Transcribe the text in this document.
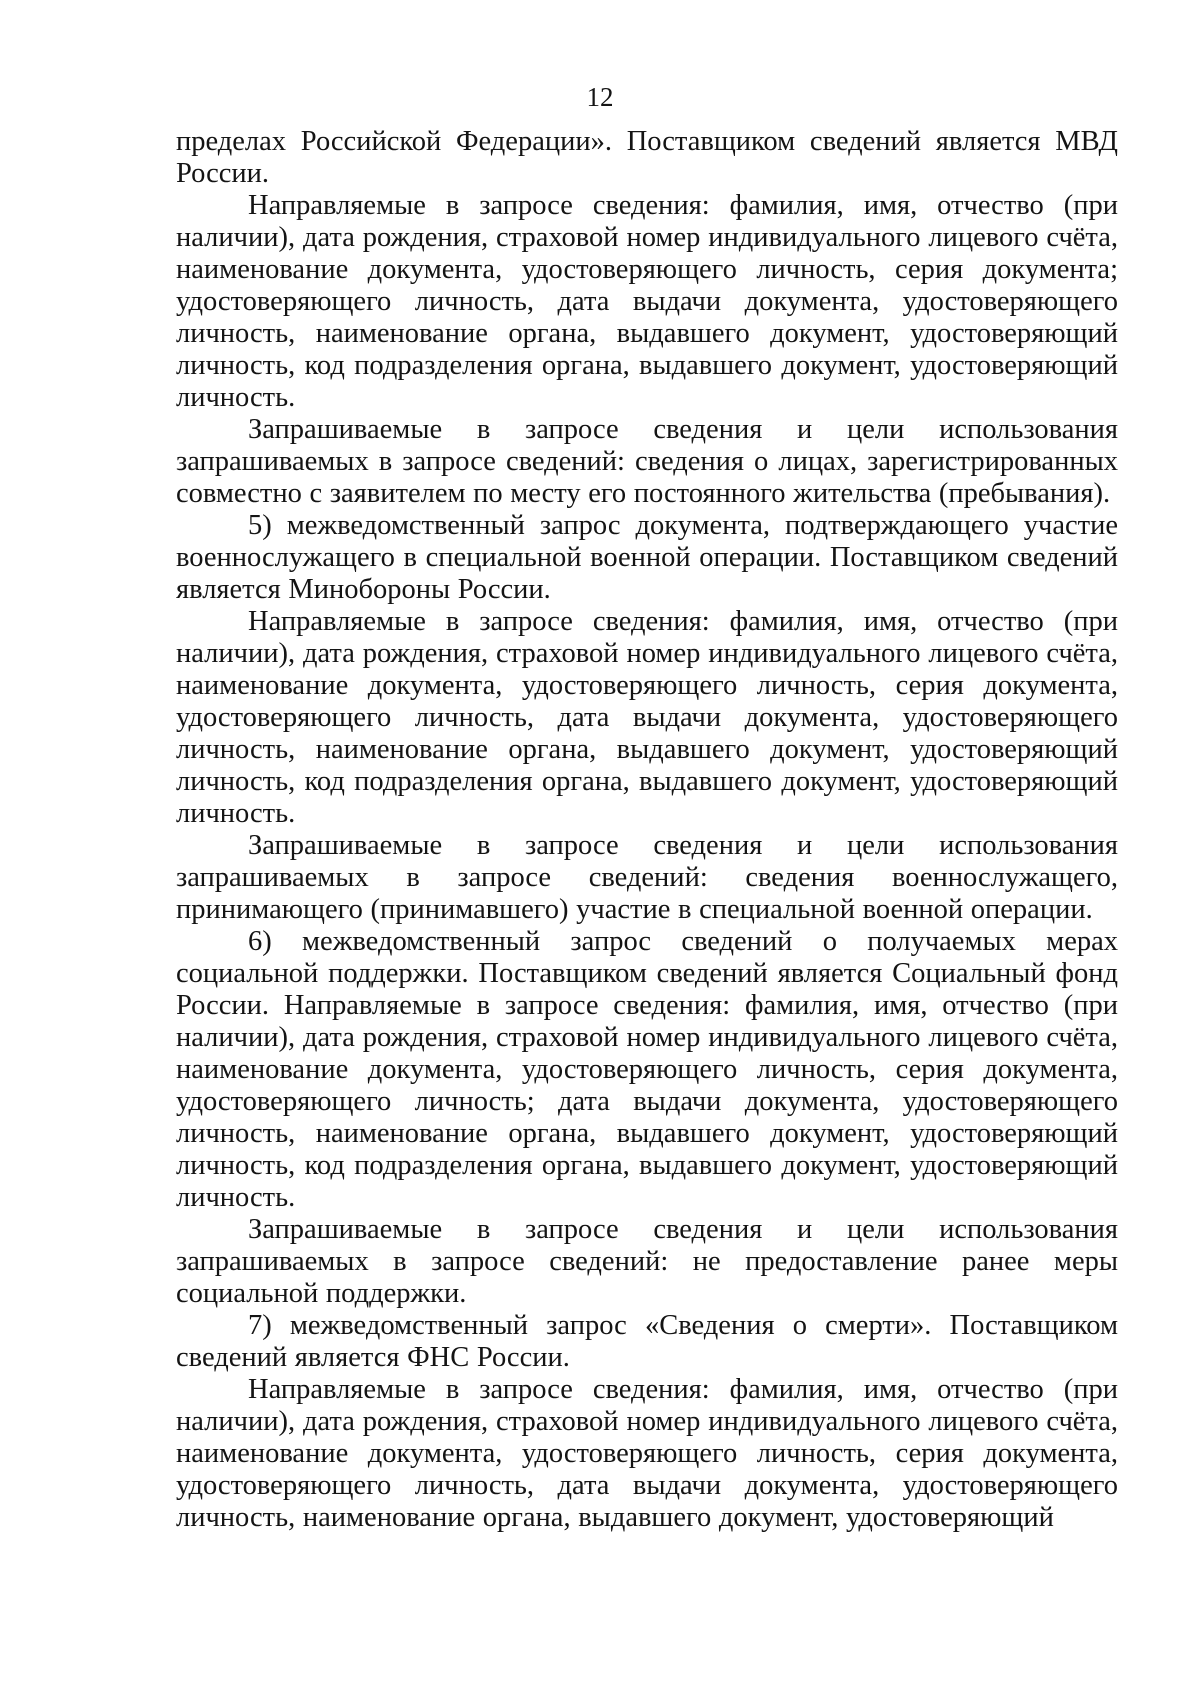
12

пределах Российской Федерации». Поставщиком сведений является МВД России.

Направляемые в запросе сведения: фамилия, имя, отчество (при наличии), дата рождения, страховой номер индивидуального лицевого счёта, наименование документа, удостоверяющего личность, серия документа; удостоверяющего личность, дата выдачи документа, удостоверяющего личность, наименование органа, выдавшего документ, удостоверяющий личность, код подразделения органа, выдавшего документ, удостоверяющий личность.

Запрашиваемые в запросе сведения и цели использования запрашиваемых в запросе сведений: сведения о лицах, зарегистрированных совместно с заявителем по месту его постоянного жительства (пребывания).

5) межведомственный запрос документа, подтверждающего участие военнослужащего в специальной военной операции. Поставщиком сведений является Минобороны России.

Направляемые в запросе сведения: фамилия, имя, отчество (при наличии), дата рождения, страховой номер индивидуального лицевого счёта, наименование документа, удостоверяющего личность, серия документа, удостоверяющего личность, дата выдачи документа, удостоверяющего личность, наименование органа, выдавшего документ, удостоверяющий личность, код подразделения органа, выдавшего документ, удостоверяющий личность.

Запрашиваемые в запросе сведения и цели использования запрашиваемых в запросе сведений: сведения военнослужащего, принимающего (принимавшего) участие в специальной военной операции.

6) межведомственный запрос сведений о получаемых мерах социальной поддержки. Поставщиком сведений является Социальный фонд России. Направляемые в запросе сведения: фамилия, имя, отчество (при наличии), дата рождения, страховой номер индивидуального лицевого счёта, наименование документа, удостоверяющего личность, серия документа, удостоверяющего личность; дата выдачи документа, удостоверяющего личность, наименование органа, выдавшего документ, удостоверяющий личность, код подразделения органа, выдавшего документ, удостоверяющий личность.

Запрашиваемые в запросе сведения и цели использования запрашиваемых в запросе сведений: не предоставление ранее меры социальной поддержки.

7) межведомственный запрос «Сведения о смерти». Поставщиком сведений является ФНС России.

Направляемые в запросе сведения: фамилия, имя, отчество (при наличии), дата рождения, страховой номер индивидуального лицевого счёта, наименование документа, удостоверяющего личность, серия документа, удостоверяющего личность, дата выдачи документа, удостоверяющего личность, наименование органа, выдавшего документ, удостоверяющий
